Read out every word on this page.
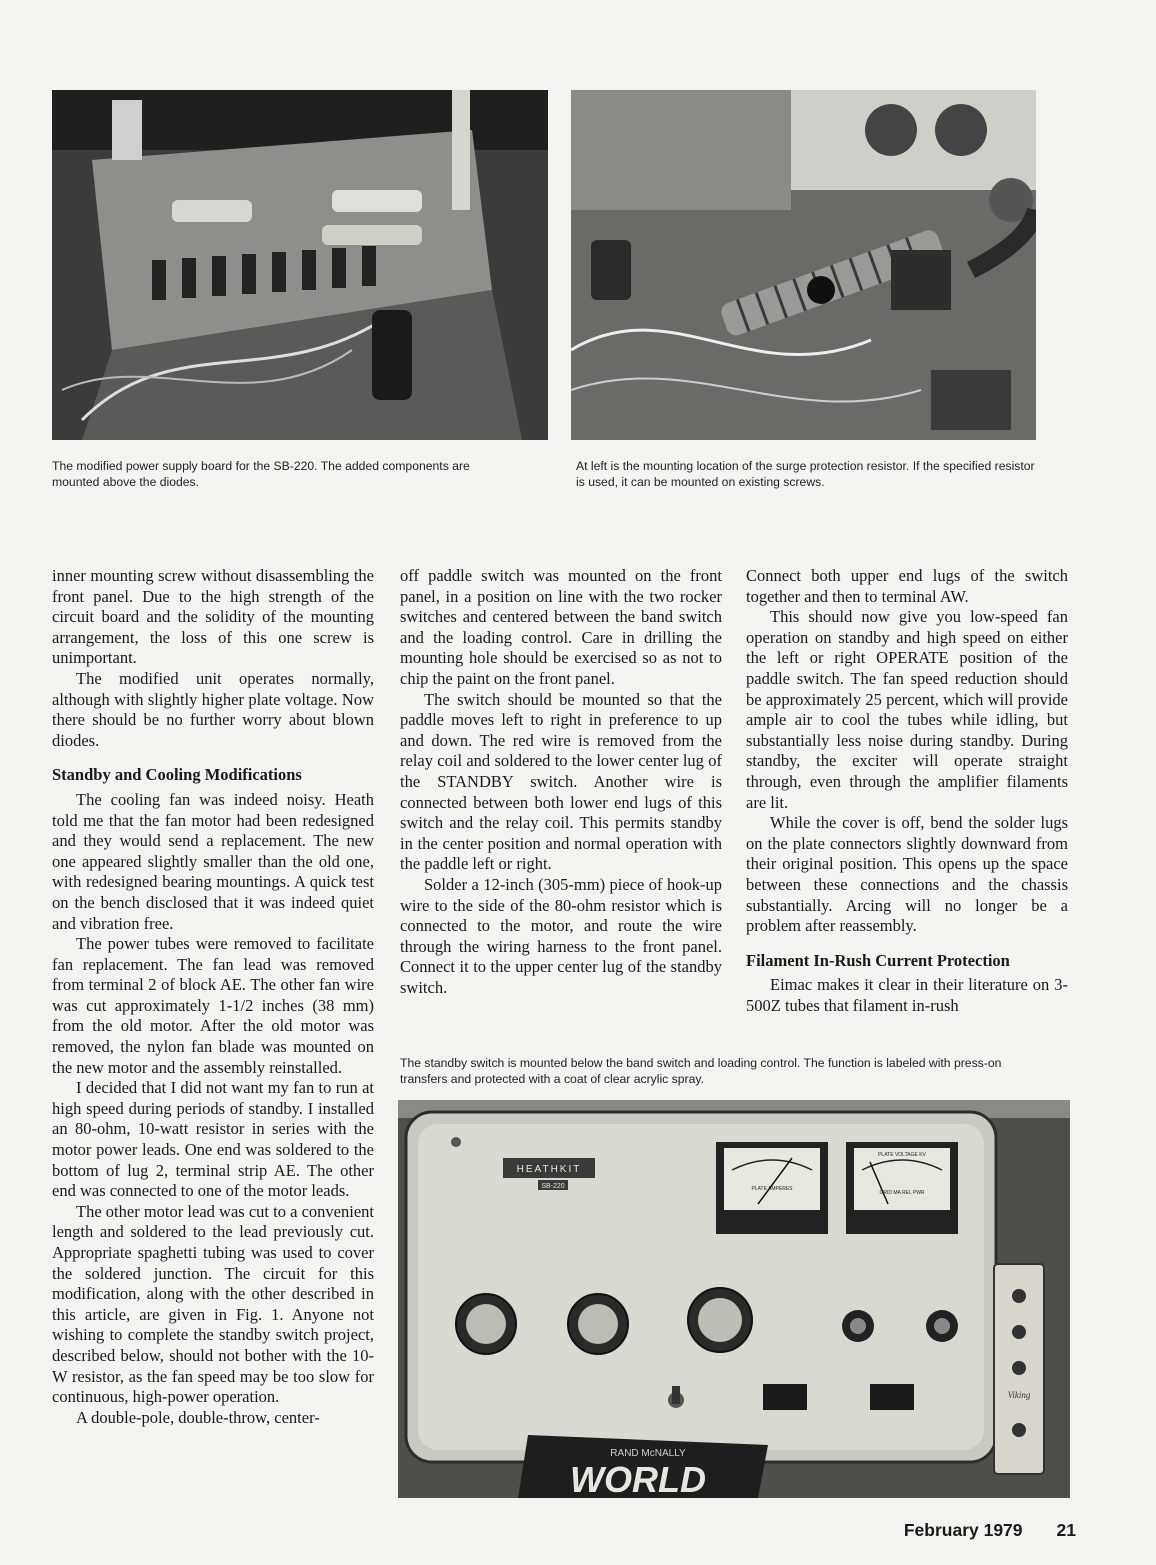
The modified power supply board for the SB-220. The added components are mounted above the diodes.
At left is the mounting location of the surge protection resistor. If the specified resistor is used, it can be mounted on existing screws.

inner mounting screw without disassembling the front panel. Due to the high strength of the circuit board and the solidity of the mounting arrangement, the loss of this one screw is unimportant.

The modified unit operates normally, although with slightly higher plate voltage. Now there should be no further worry about blown diodes.

Standby and Cooling Modifications

The cooling fan was indeed noisy. Heath told me that the fan motor had been redesigned and they would send a replacement. The new one appeared slightly smaller than the old one, with redesigned bearing mountings. A quick test on the bench disclosed that it was indeed quiet and vibration free.

The power tubes were removed to facilitate fan replacement. The fan lead was removed from terminal 2 of block AE. The other fan wire was cut approximately 1-1/2 inches (38 mm) from the old motor. After the old motor was removed, the nylon fan blade was mounted on the new motor and the assembly reinstalled.

I decided that I did not want my fan to run at high speed during periods of standby. I installed an 80-ohm, 10-watt resistor in series with the motor power leads. One end was soldered to the bottom of lug 2, terminal strip AE. The other end was connected to one of the motor leads.

The other motor lead was cut to a convenient length and soldered to the lead previously cut. Appropriate spaghetti tubing was used to cover the soldered junction. The circuit for this modification, along with the other described in this article, are given in Fig. 1. Anyone not wishing to complete the standby switch project, described below, should not bother with the 10-W resistor, as the fan speed may be too slow for continuous, high-power operation.

A double-pole, double-throw, center-

off paddle switch was mounted on the front panel, in a position on line with the two rocker switches and centered between the band switch and the loading control. Care in drilling the mounting hole should be exercised so as not to chip the paint on the front panel.

The switch should be mounted so that the paddle moves left to right in preference to up and down. The red wire is removed from the relay coil and soldered to the lower center lug of the STANDBY switch. Another wire is connected between both lower end lugs of this switch and the relay coil. This permits standby in the center position and normal operation with the paddle left or right.

Solder a 12-inch (305-mm) piece of hook-up wire to the side of the 80-ohm resistor which is connected to the motor, and route the wire through the wiring harness to the front panel. Connect it to the upper center lug of the standby switch.

Connect both upper end lugs of the switch together and then to terminal AW.

This should now give you low-speed fan operation on standby and high speed on either the left or right OPERATE position of the paddle switch. The fan speed reduction should be approximately 25 percent, which will provide ample air to cool the tubes while idling, but substantially less noise during standby. During standby, the exciter will operate straight through, even through the amplifier filaments are lit.

While the cover is off, bend the solder lugs on the plate connectors slightly downward from their original position. This opens up the space between these connections and the chassis substantially. Arcing will no longer be a problem after reassembly.

Filament In-Rush Current Protection

Eimac makes it clear in their literature on 3-500Z tubes that filament in-rush

The standby switch is mounted below the band switch and loading control. The function is labeled with press-on transfers and protected with a coat of clear acrylic spray.
HEATHKIT
SB-220	PLATE AMPERES
PLATE VOLTAGE KV
GRID MA REL PWR
Viking
RAND McNALLY
WORLD
February 1979 21
